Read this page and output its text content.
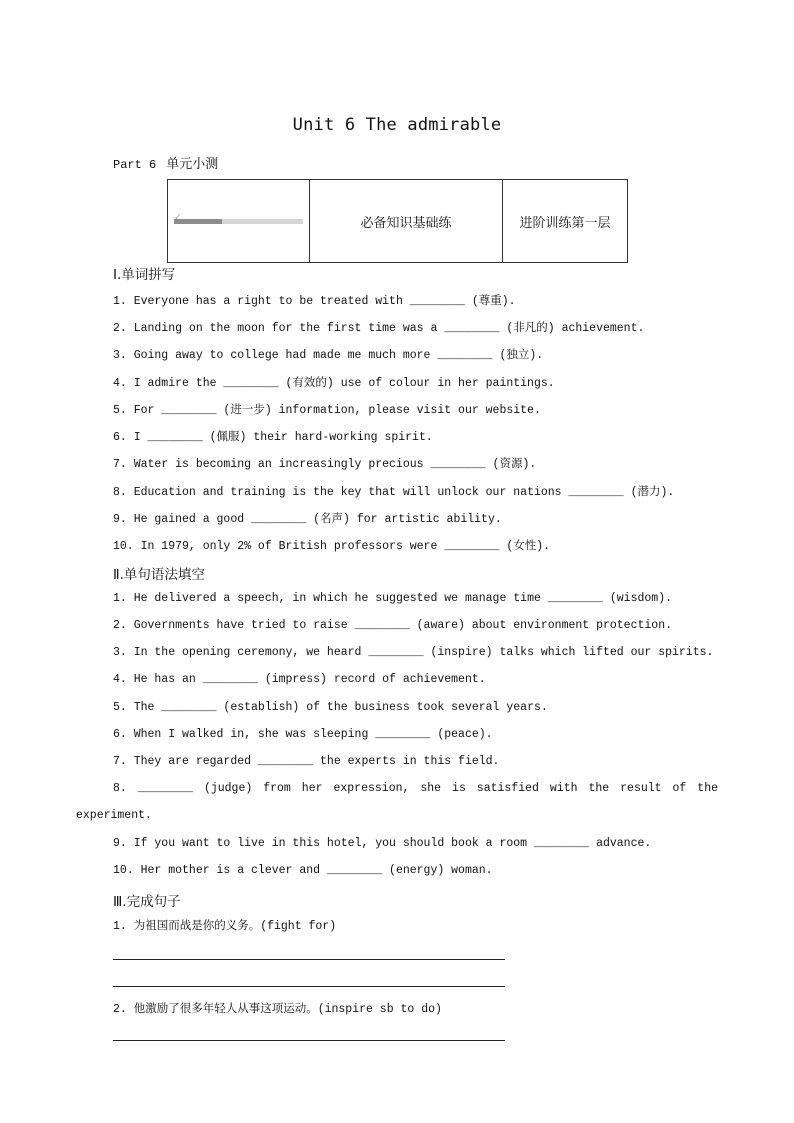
Unit 6 The admirable
Part 6 单元小测
✓	必备知识基础练	进阶训练第一层
Ⅰ.单词拼写
1. Everyone has a right to be treated with ________ (尊重).
2. Landing on the moon for the first time was a ________ (非凡的) achievement.
3. Going away to college had made me much more ________ (独立).
4. I admire the ________ (有效的) use of colour in her paintings.
5. For ________ (进一步) information, please visit our website.
6. I ________ (佩服) their hard-working spirit.
7. Water is becoming an increasingly precious ________ (资源).
8. Education and training is the key that will unlock our nations ________ (潜力).
9. He gained a good ________ (名声) for artistic ability.
10. In 1979, only 2% of British professors were ________ (女性).
Ⅱ.单句语法填空
1. He delivered a speech, in which he suggested we manage time ________ (wisdom).
2. Governments have tried to raise ________ (aware) about environment protection.
3. In the opening ceremony, we heard ________ (inspire) talks which lifted our spirits.
4. He has an ________ (impress) record of achievement.
5. The ________ (establish) of the business took several years.
6. When I walked in, she was sleeping ________ (peace).
7. They are regarded ________ the experts in this field.
8. ________ (judge) from her expression, she is satisfied with the result of the
experiment.
9. If you want to live in this hotel, you should book a room ________ advance.
10. Her mother is a clever and ________ (energy) woman.
Ⅲ.完成句子
1. 为祖国而战是你的义务。(fight for)
2. 他激励了很多年轻人从事这项运动。(inspire sb to do)
